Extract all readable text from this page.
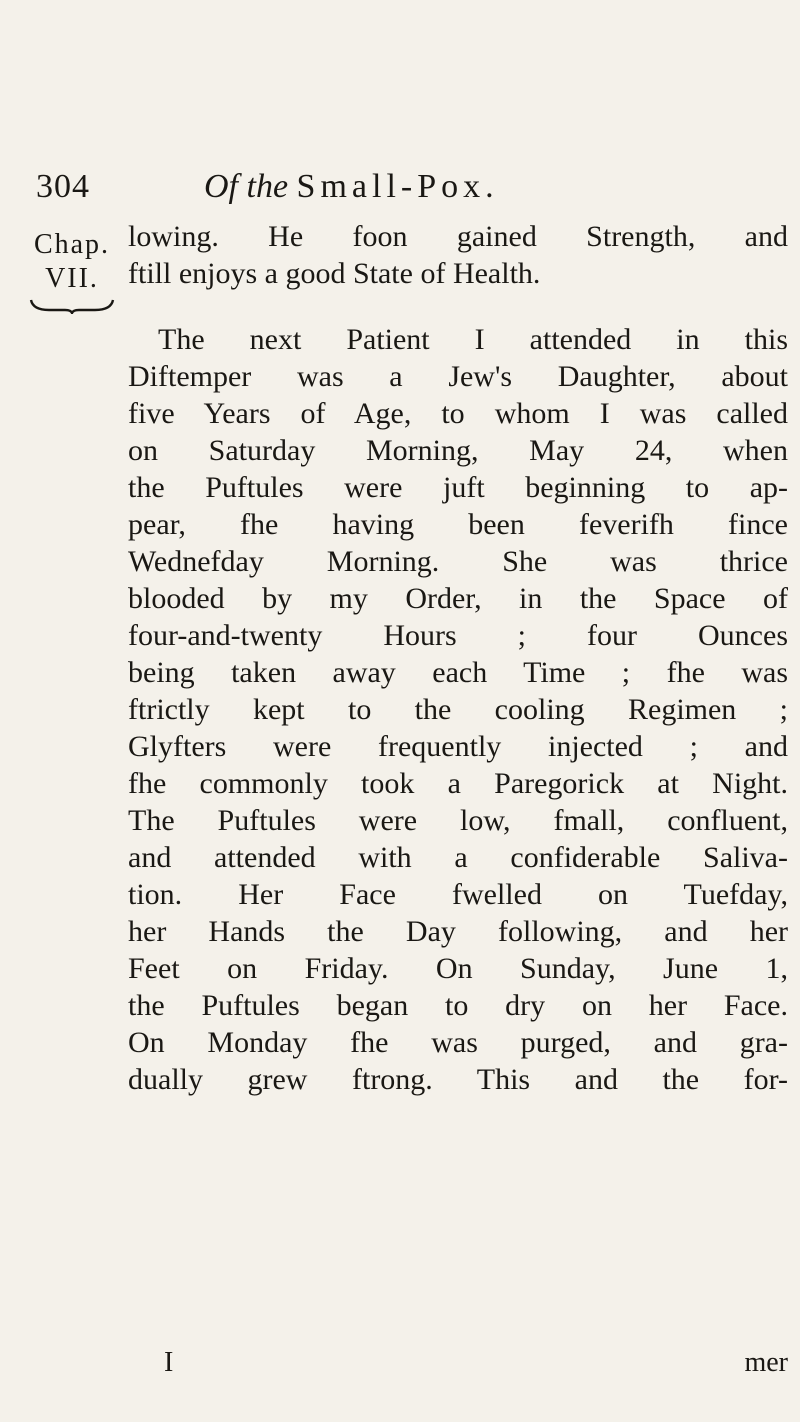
304	Of the Small-Pox.
Chap.
VII.
lowing. He foon gained Strength, and
ftill enjoys a good State of Health.
The next Patient I attended in this
Diftemper was a Jew's Daughter, about
five Years of Age, to whom I was called
on Saturday Morning, May 24, when
the Puftules were juft beginning to ap-
pear, fhe having been feverifh fince
Wednefday Morning. She was thrice
blooded by my Order, in the Space of
four-and-twenty Hours ; four Ounces
being taken away each Time ; fhe was
ftrictly kept to the cooling Regimen ;
Glyfters were frequently injected ; and
fhe commonly took a Paregorick at Night.
The Puftules were low, fmall, confluent,
and attended with a confiderable Saliva-
tion. Her Face fwelled on Tuefday,
her Hands the Day following, and her
Feet on Friday. On Sunday, June 1,
the Puftules began to dry on her Face.
On Monday fhe was purged, and gra-
dually grew ftrong. This and the for-
I	mer
